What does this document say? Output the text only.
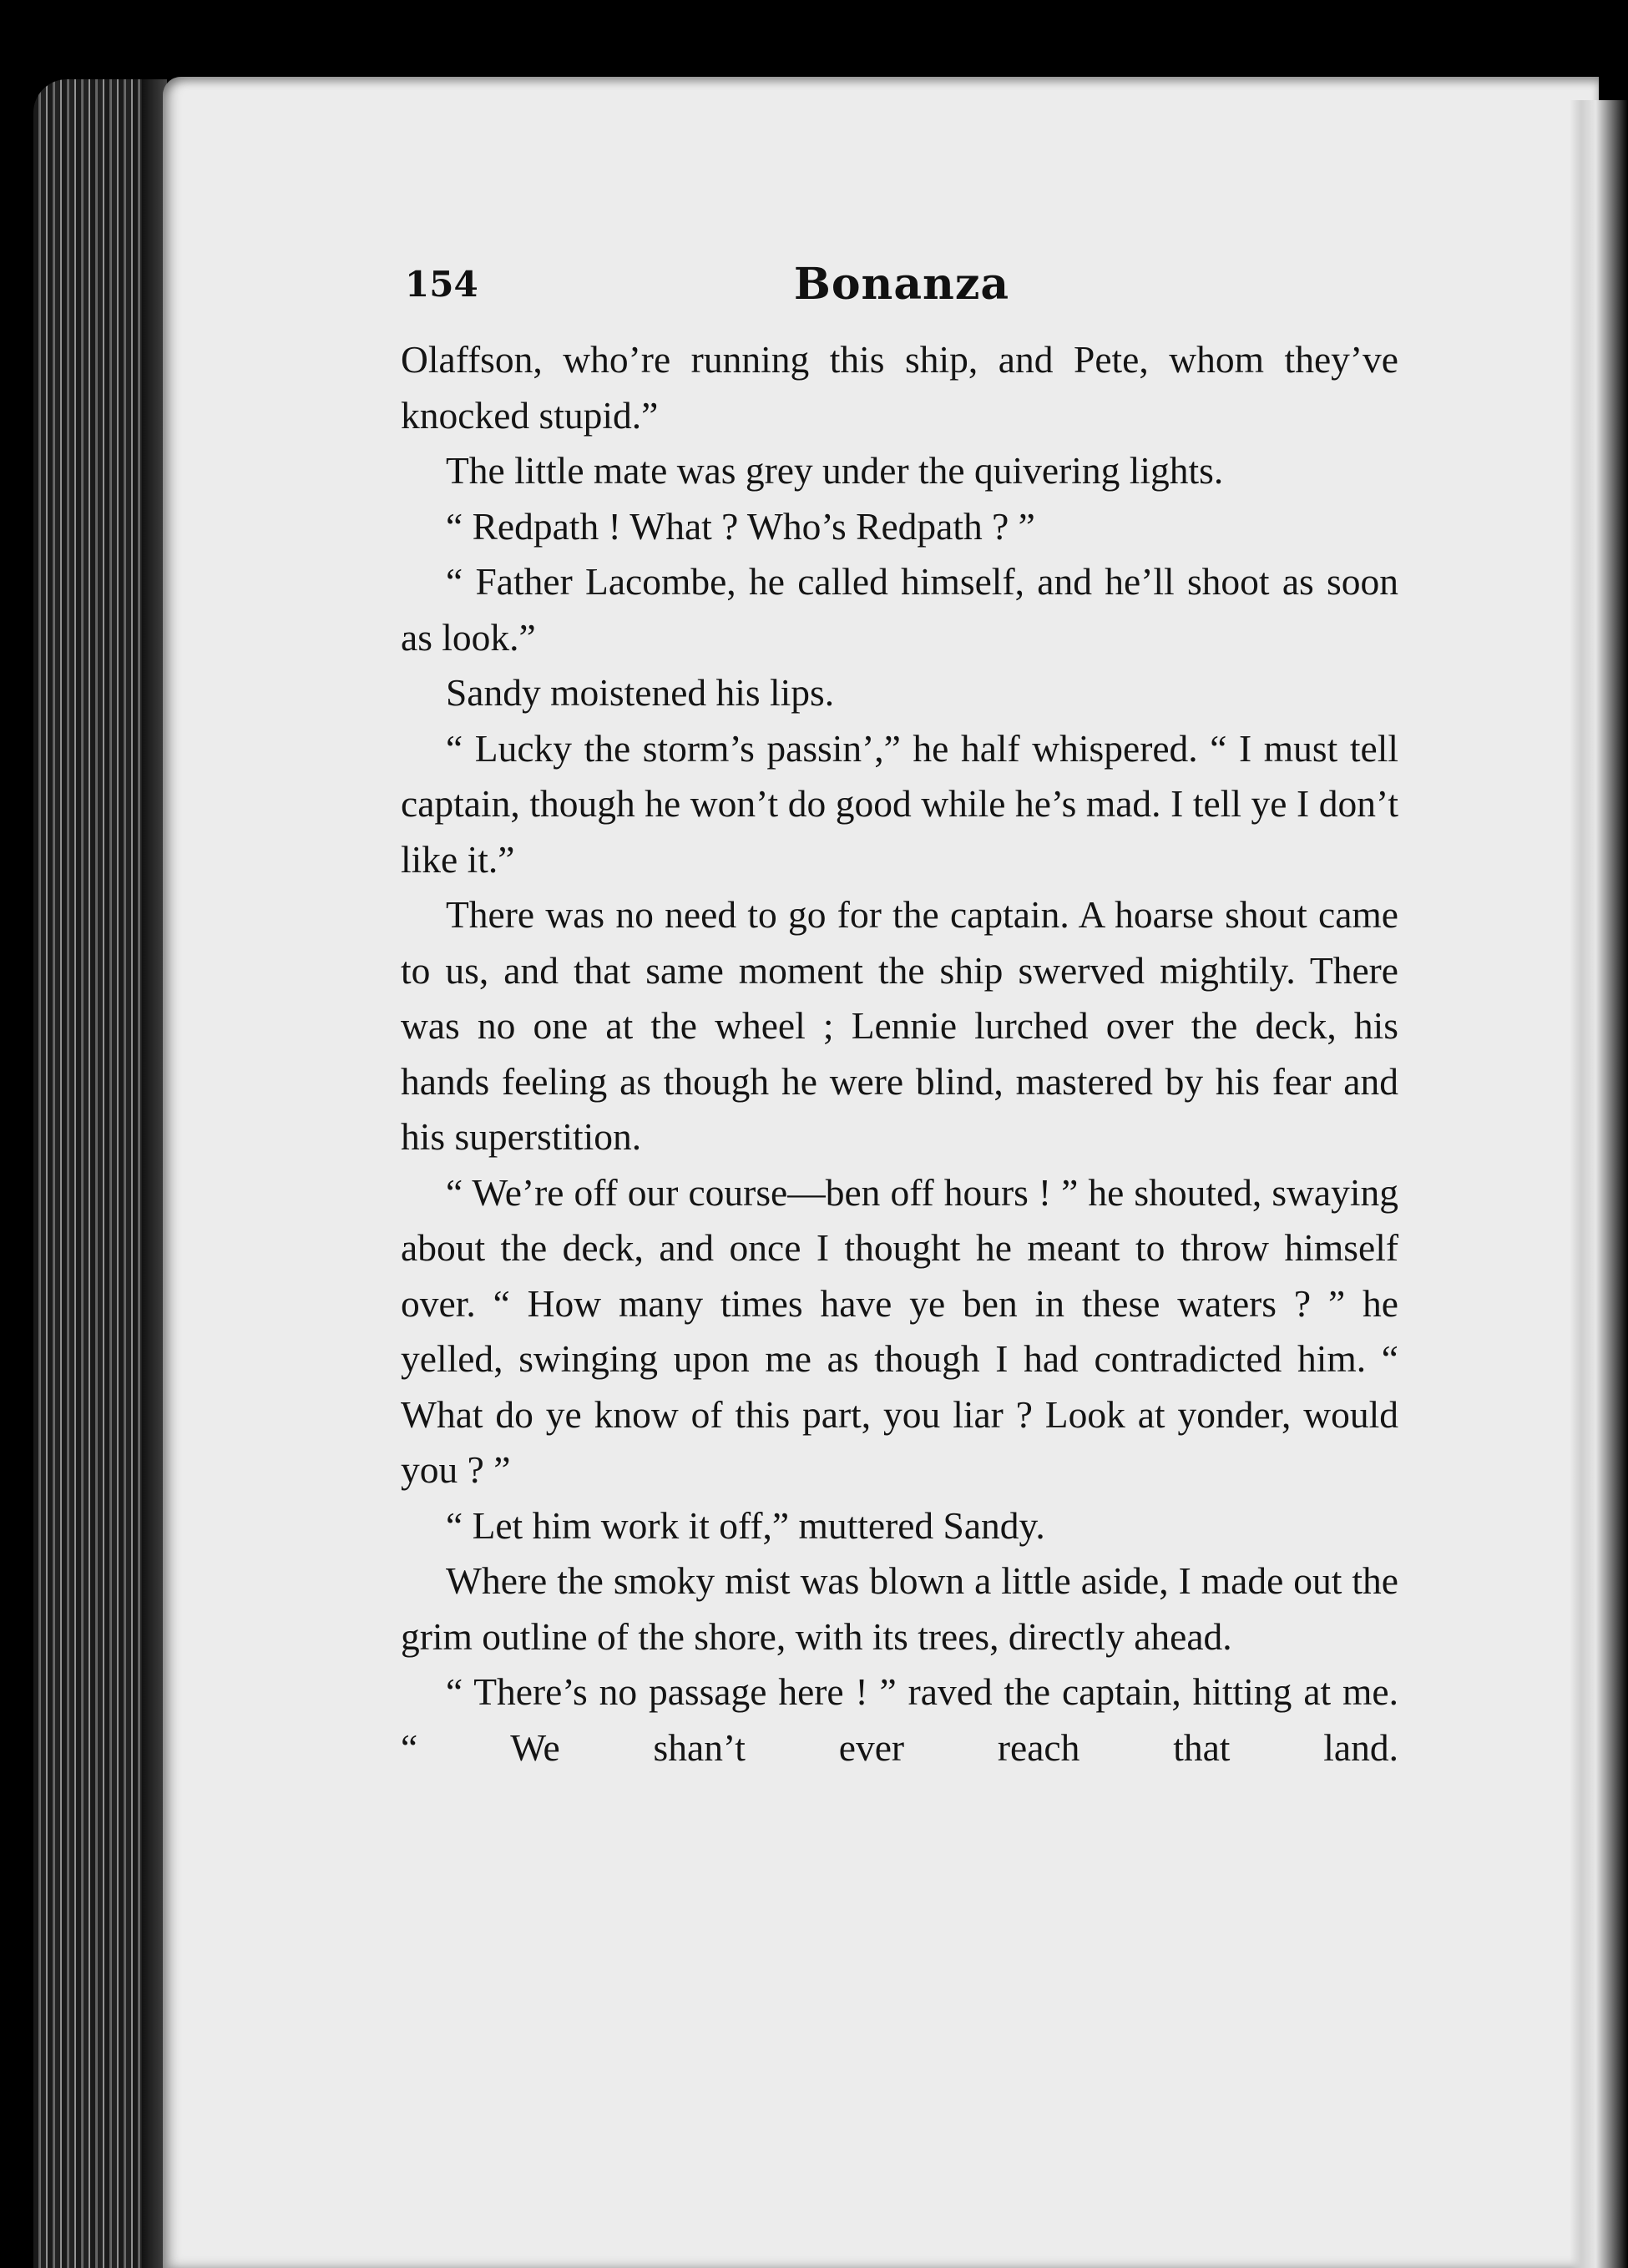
154	Bonanza

Olaffson, who’re running this ship, and Pete, whom they’ve knocked stupid.”

The little mate was grey under the quivering lights.

“ Redpath ! What ? Who’s Redpath ? ”

“ Father Lacombe, he called himself, and he’ll shoot as soon as look.”

Sandy moistened his lips.

“ Lucky the storm’s passin’,” he half whispered. “ I must tell captain, though he won’t do good while he’s mad. I tell ye I don’t like it.”

There was no need to go for the captain. A hoarse shout came to us, and that same moment the ship swerved mightily. There was no one at the wheel ; Lennie lurched over the deck, his hands feeling as though he were blind, mastered by his fear and his superstition.

“ We’re off our course—ben off hours ! ” he shouted, swaying about the deck, and once I thought he meant to throw himself over. “ How many times have ye ben in these waters ? ” he yelled, swinging upon me as though I had contradicted him. “ What do ye know of this part, you liar ? Look at yonder, would you ? ”

“ Let him work it off,” muttered Sandy.

Where the smoky mist was blown a little aside, I made out the grim outline of the shore, with its trees, directly ahead.

“ There’s no passage here ! ” raved the captain, hitting at me. “ We shan’t ever reach that land.
